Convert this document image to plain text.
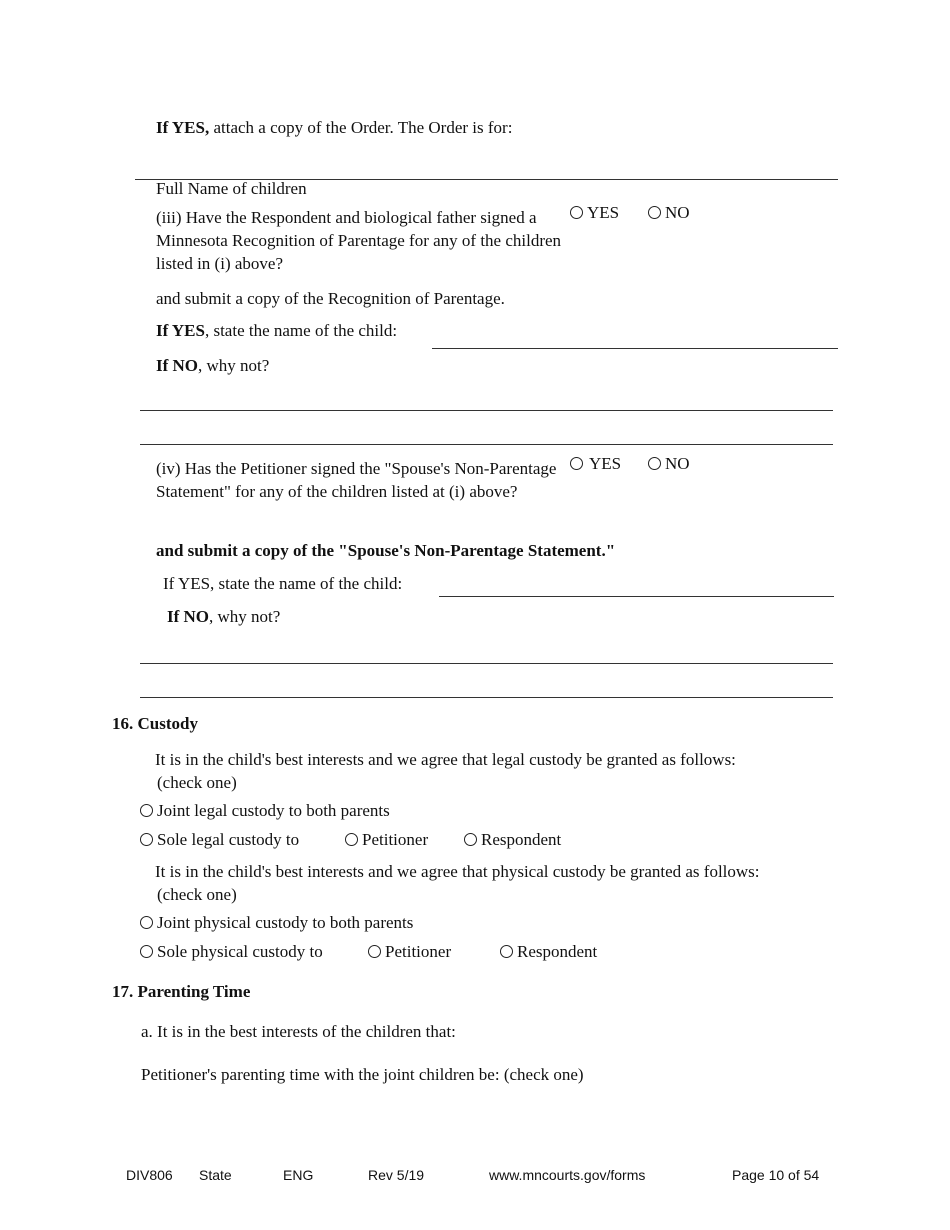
If YES, attach a copy of the Order. The Order is for:
Full Name of children
(iii) Have the Respondent and biological father signed a Minnesota Recognition of Parentage for any of the children listed in (i) above?
YES	NO
and submit a copy of the Recognition of Parentage.
If YES, state the name of the child:
If NO, why not?
(iv) Has the Petitioner signed the "Spouse's Non-Parentage Statement" for any of the children listed at (i) above?
YES	NO
and submit a copy of the "Spouse's Non-Parentage Statement."
If YES, state the name of the child:
If NO, why not?
16. Custody
It is in the child's best interests and we agree that legal custody be granted as follows:
(check one)
Joint legal custody to both parents
Sole legal custody to	Petitioner	Respondent
It is in the child's best interests and we agree that physical custody be granted as follows:
(check one)
Joint physical custody to both parents
Sole physical custody to	Petitioner	Respondent
17. Parenting Time
a. It is in the best interests of the children that:
Petitioner's parenting time with the joint children be: (check one)
DIV806 State	ENG	Rev 5/19	www.mncourts.gov/forms	Page 10 of 54
